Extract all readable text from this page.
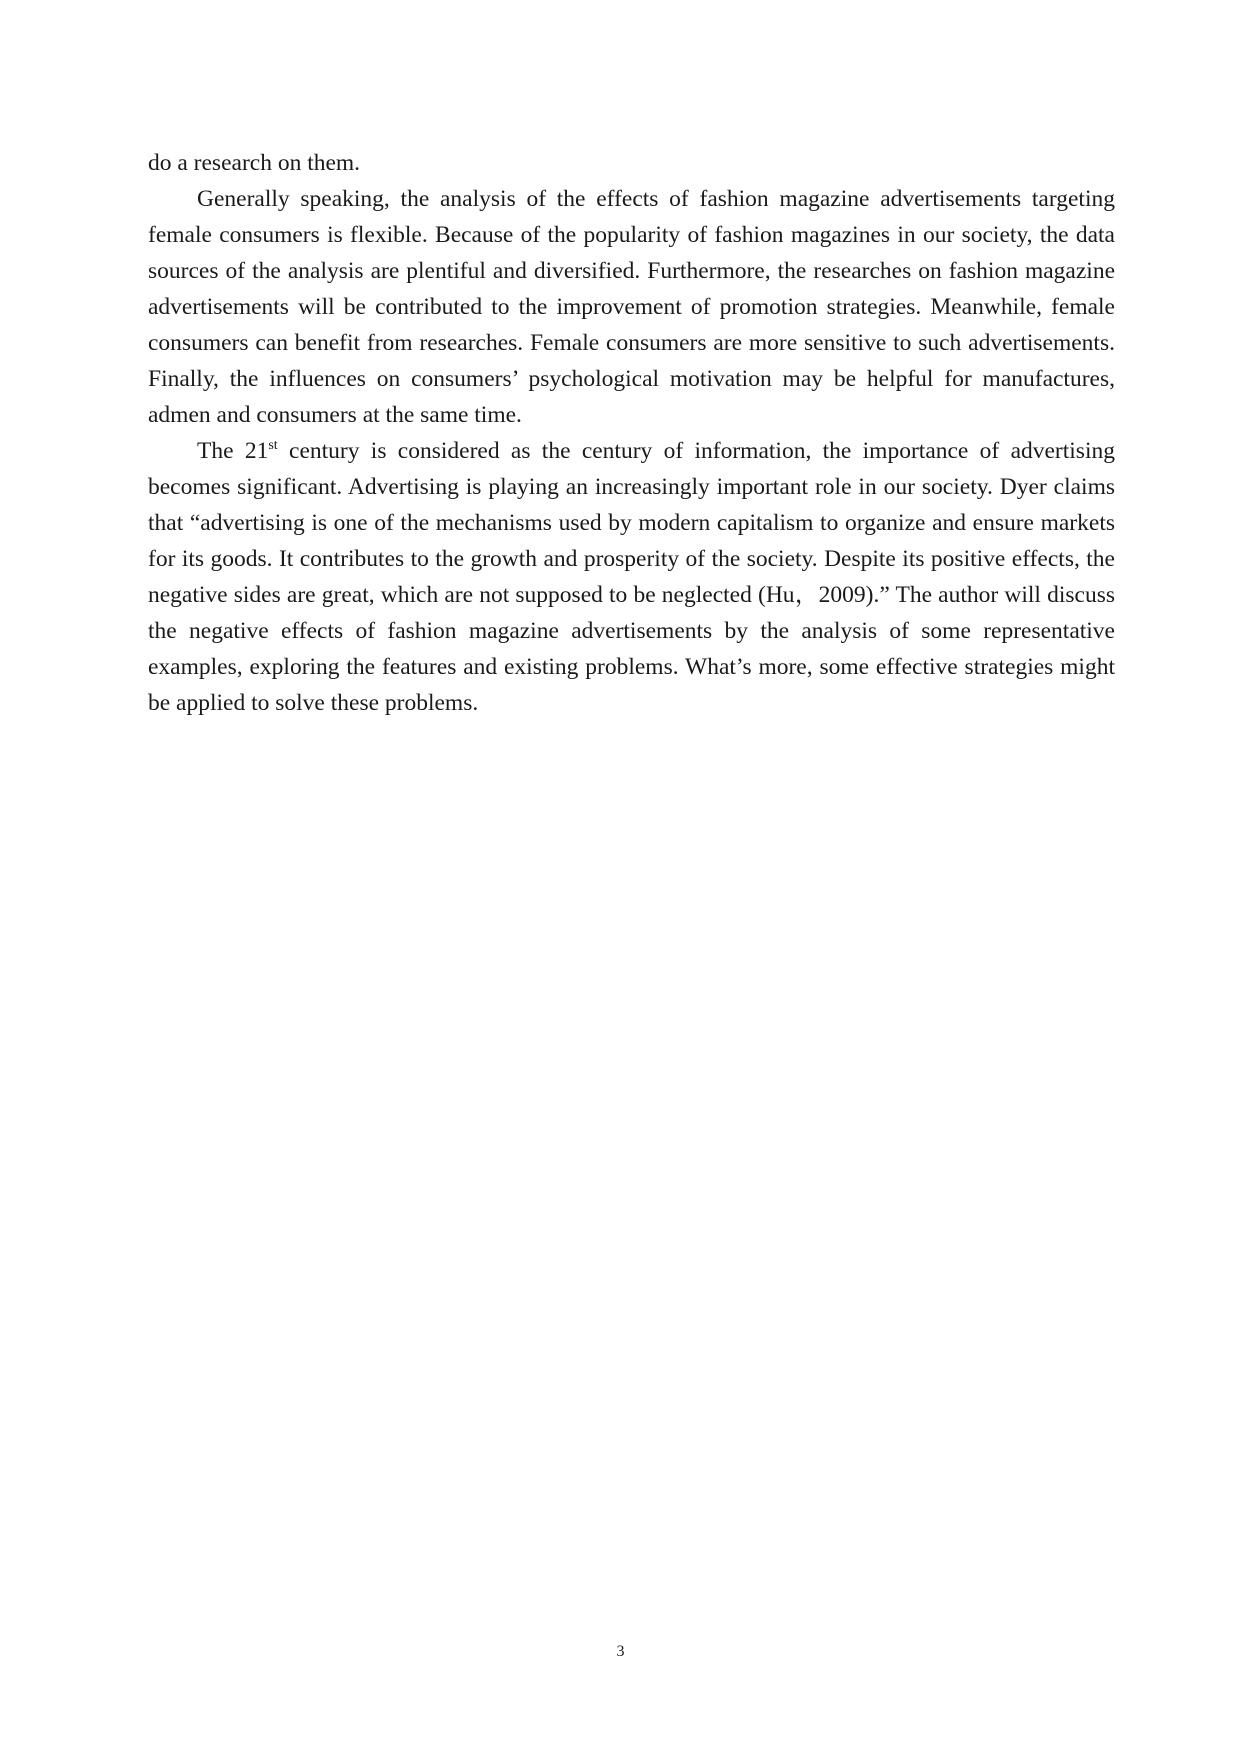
do a research on them.

Generally speaking, the analysis of the effects of fashion magazine advertisements targeting female consumers is flexible. Because of the popularity of fashion magazines in our society, the data sources of the analysis are plentiful and diversified. Furthermore, the researches on fashion magazine advertisements will be contributed to the improvement of promotion strategies. Meanwhile, female consumers can benefit from researches. Female consumers are more sensitive to such advertisements. Finally, the influences on consumers’ psychological motivation may be helpful for manufactures, admen and consumers at the same time.

The 21st century is considered as the century of information, the importance of advertising becomes significant. Advertising is playing an increasingly important role in our society. Dyer claims that “advertising is one of the mechanisms used by modern capitalism to organize and ensure markets for its goods. It contributes to the growth and prosperity of the society. Despite its positive effects, the negative sides are great, which are not supposed to be neglected (Hu，2009).” The author will discuss the negative effects of fashion magazine advertisements by the analysis of some representative examples, exploring the features and existing problems. What’s more, some effective strategies might be applied to solve these problems.

3
